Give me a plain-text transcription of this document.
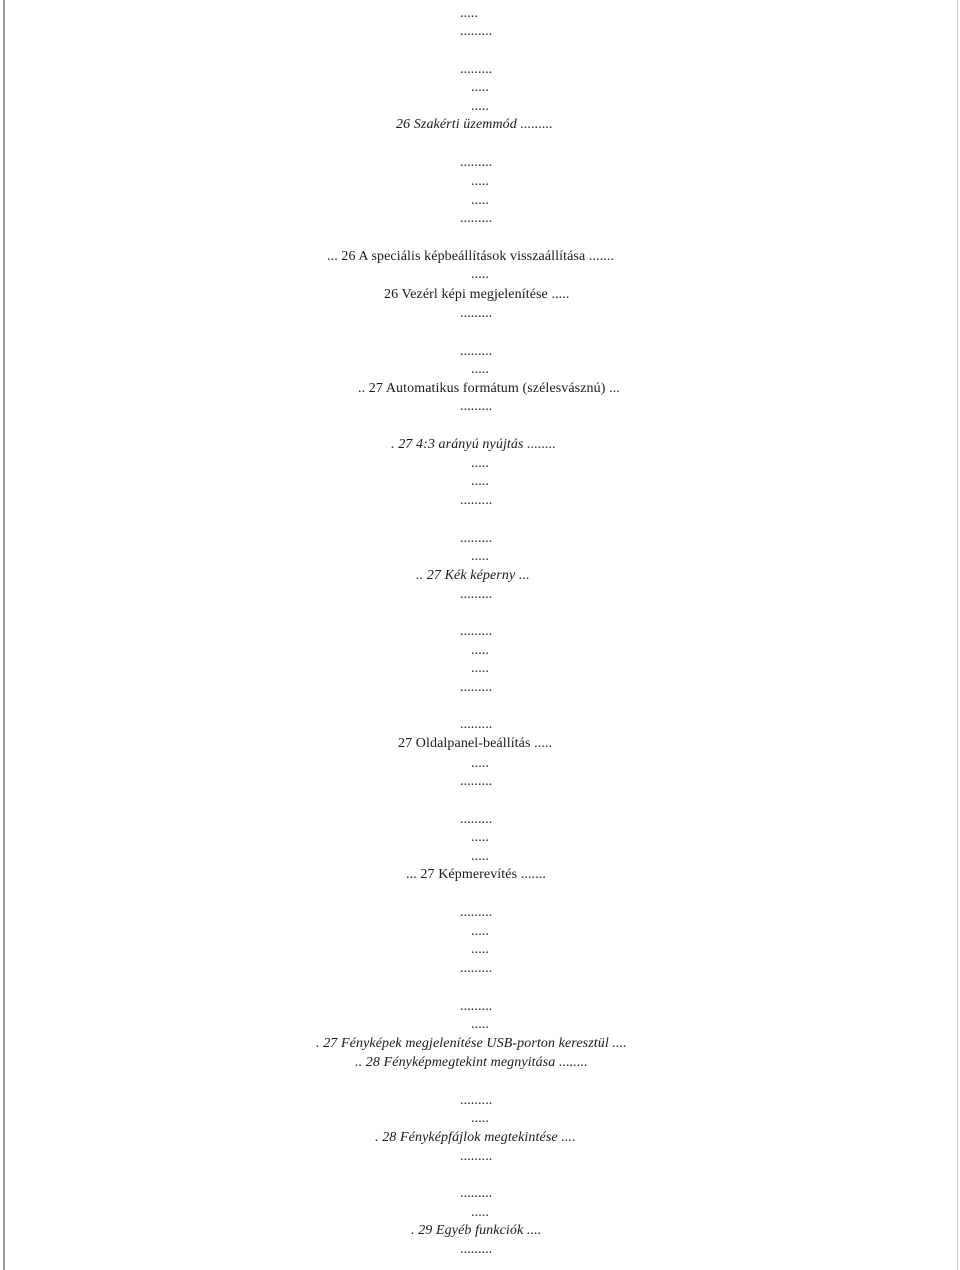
.....
.........
.........
.....
.....
26 Szakérti üzemmód .........
.........
.....
.....
.........
... 26 A speciális képbeállítások visszaállítása .......
.....
26 Vezérl képi megjelenítése .....
.........
.........
.....
.. 27 Automatikus formátum (szélesvásznú) ...
.........
. 27 4:3 arányú nyújtás ........
.....
.....
.........
.........
.....
.. 27 Kék képerny ...
.........
.........
.....
.....
.........
.........
27 Oldalpanel-beállítás .....
.....
.........
.........
.....
.....
... 27 Képmerevítés .......
.........
.....
.....
.........
.........
.....
. 27 Fényképek megjelenítése USB-porton keresztül ....
.. 28 Fényképmegtekint megnyitása ........
.........
.....
. 28 Fényképfájlok megtekintése ....
.........
.........
.....
. 29 Egyéb funkciók ....
.........
